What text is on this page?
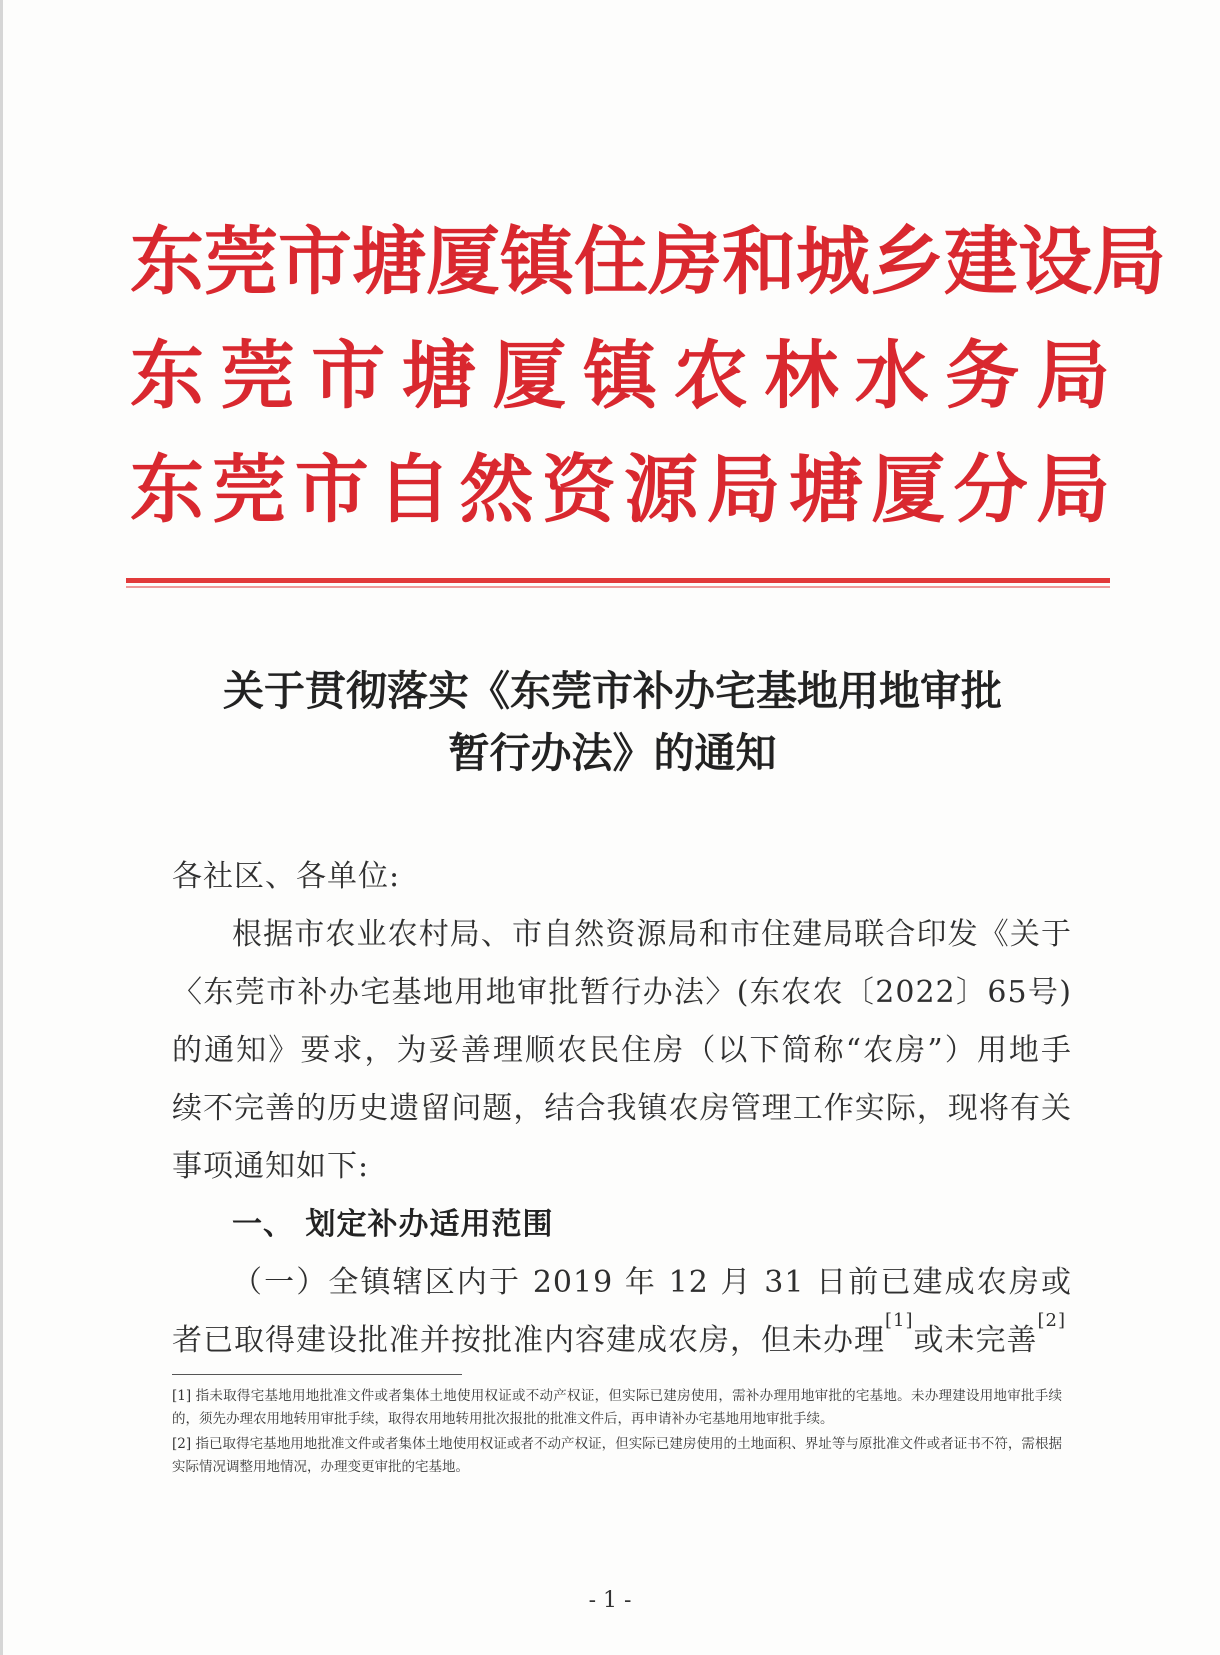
东莞市塘厦镇住房和城乡建设局
东莞市塘厦镇农林水务局
东莞市自然资源局塘厦分局
关于贯彻落实《东莞市补办宅基地用地审批
暂行办法》的通知

各社区、各单位:

根据市农业农村局、市自然资源局和市住建局联合印发《关于〈东莞市补办宅基地用地审批暂行办法〉(东农农〔2022〕65号)的通知》要求，为妥善理顺农民住房（以下简称“农房”）用地手续不完善的历史遗留问题，结合我镇农房管理工作实际，现将有关事项通知如下:

一、 划定补办适用范围

（一）全镇辖区内于 2019 年 12 月 31 日前已建成农房或者已取得建设批准并按批准内容建成农房，但未办理[1]或未完善[2]

[1] 指未取得宅基地用地批准文件或者集体土地使用权证或不动产权证，但实际已建房使用，需补办理用地审批的宅基地。未办理建设用地审批手续的，须先办理农用地转用审批手续，取得农用地转用批次报批的批准文件后，再申请补办宅基地用地审批手续。

[2] 指已取得宅基地用地批准文件或者集体土地使用权证或者不动产权证，但实际已建房使用的土地面积、界址等与原批准文件或者证书不符，需根据实际情况调整用地情况，办理变更审批的宅基地。

- 1 -
